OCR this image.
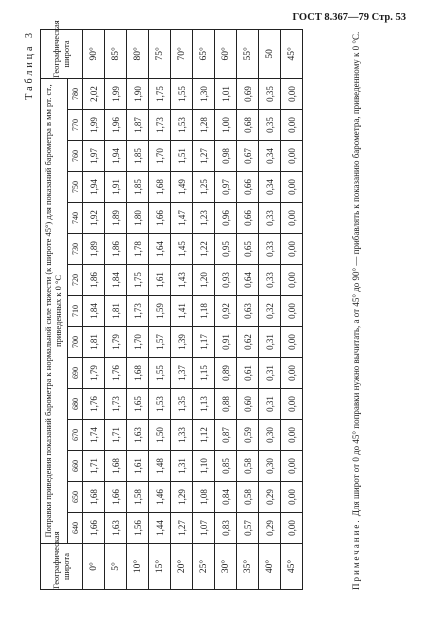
ГОСТ 8.367—79 Стр. 53
Таблица 3
Географическая широта	Поправки приведения показаний барометра к нормальной силе тяжести (к широте 45°) для показаний барометра в мм рт. ст., приведенных к 0 °С															Географическая широта
	640	650	660	670	680	690	700	710	720	730	740	750	760	770	780	
0°	1,66	1,68	1,71	1,74	1,76	1,79	1,81	1,84	1,86	1,89	1,92	1,94	1,97	1,99	2,02	90°
5°	1,63	1,66	1,68	1,71	1,73	1,76	1,79	1,81	1,84	1,86	1,89	1,91	1,94	1,96	1,99	85°
10°	1,56	1,58	1,61	1,63	1,65	1,68	1,70	1,73	1,75	1,78	1,80	1,85	1,85	1,87	1,90	80°
15°	1,44	1,46	1,48	1,50	1,53	1,55	1,57	1,59	1,61	1,64	1,66	1,68	1,70	1,73	1,75	75°
20°	1,27	1,29	1,31	1,33	1,35	1,37	1,39	1,41	1,43	1,45	1,47	1,49	1,51	1,53	1,55	70°
25°	1,07	1,08	1,10	1,12	1,13	1,15	1,17	1,18	1,20	1,22	1,23	1,25	1,27	1,28	1,30	65°
30°	0,83	0,84	0,85	0,87	0,88	0,89	0,91	0,92	0,93	0,95	0,96	0,97	0,98	1,00	1,01	60°
35°	0,57	0,58	0,58	0,59	0,60	0,61	0,62	0,63	0,64	0,65	0,66	0,66	0,67	0,68	0,69	55°
40°	0,29	0,29	0,30	0,30	0,31	0,31	0,31	0,32	0,33	0,33	0,33	0,34	0,34	0,35	0,35	50
45°	0,00	0,00	0,00	0,00	0,00	0,00	0,00	0,00	0,00	0,00	0,00	0,00	0,00	0,00	0,00	45°
Примечание. Для широт от 0 до 45° поправки нужно вычитать, а от 45° до 90° — прибавлять к показанию барометра, приведенному к 0 °С.
